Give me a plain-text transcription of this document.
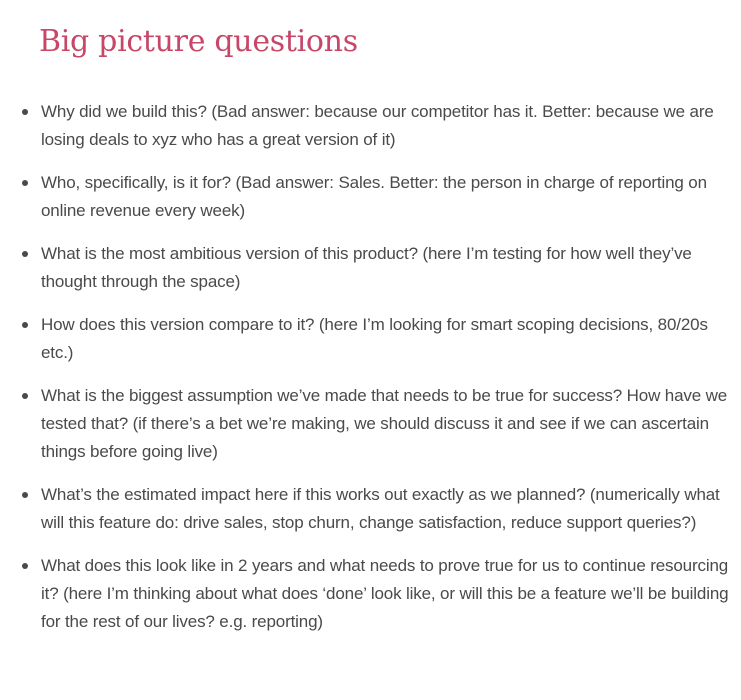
Big picture questions
Why did we build this? (Bad answer: because our competitor has it. Better: because we are losing deals to xyz who has a great version of it)
Who, specifically, is it for? (Bad answer: Sales. Better: the person in charge of reporting on online revenue every week)
What is the most ambitious version of this product? (here I’m testing for how well they’ve thought through the space)
How does this version compare to it? (here I’m looking for smart scoping decisions, 80/20s etc.)
What is the biggest assumption we’ve made that needs to be true for success? How have we tested that? (if there’s a bet we’re making, we should discuss it and see if we can ascertain things before going live)
What’s the estimated impact here if this works out exactly as we planned? (numerically what will this feature do: drive sales, stop churn, change satisfaction, reduce support queries?)
What does this look like in 2 years and what needs to prove true for us to continue resourcing it? (here I’m thinking about what does ‘done’ look like, or will this be a feature we’ll be building for the rest of our lives? e.g. reporting)
